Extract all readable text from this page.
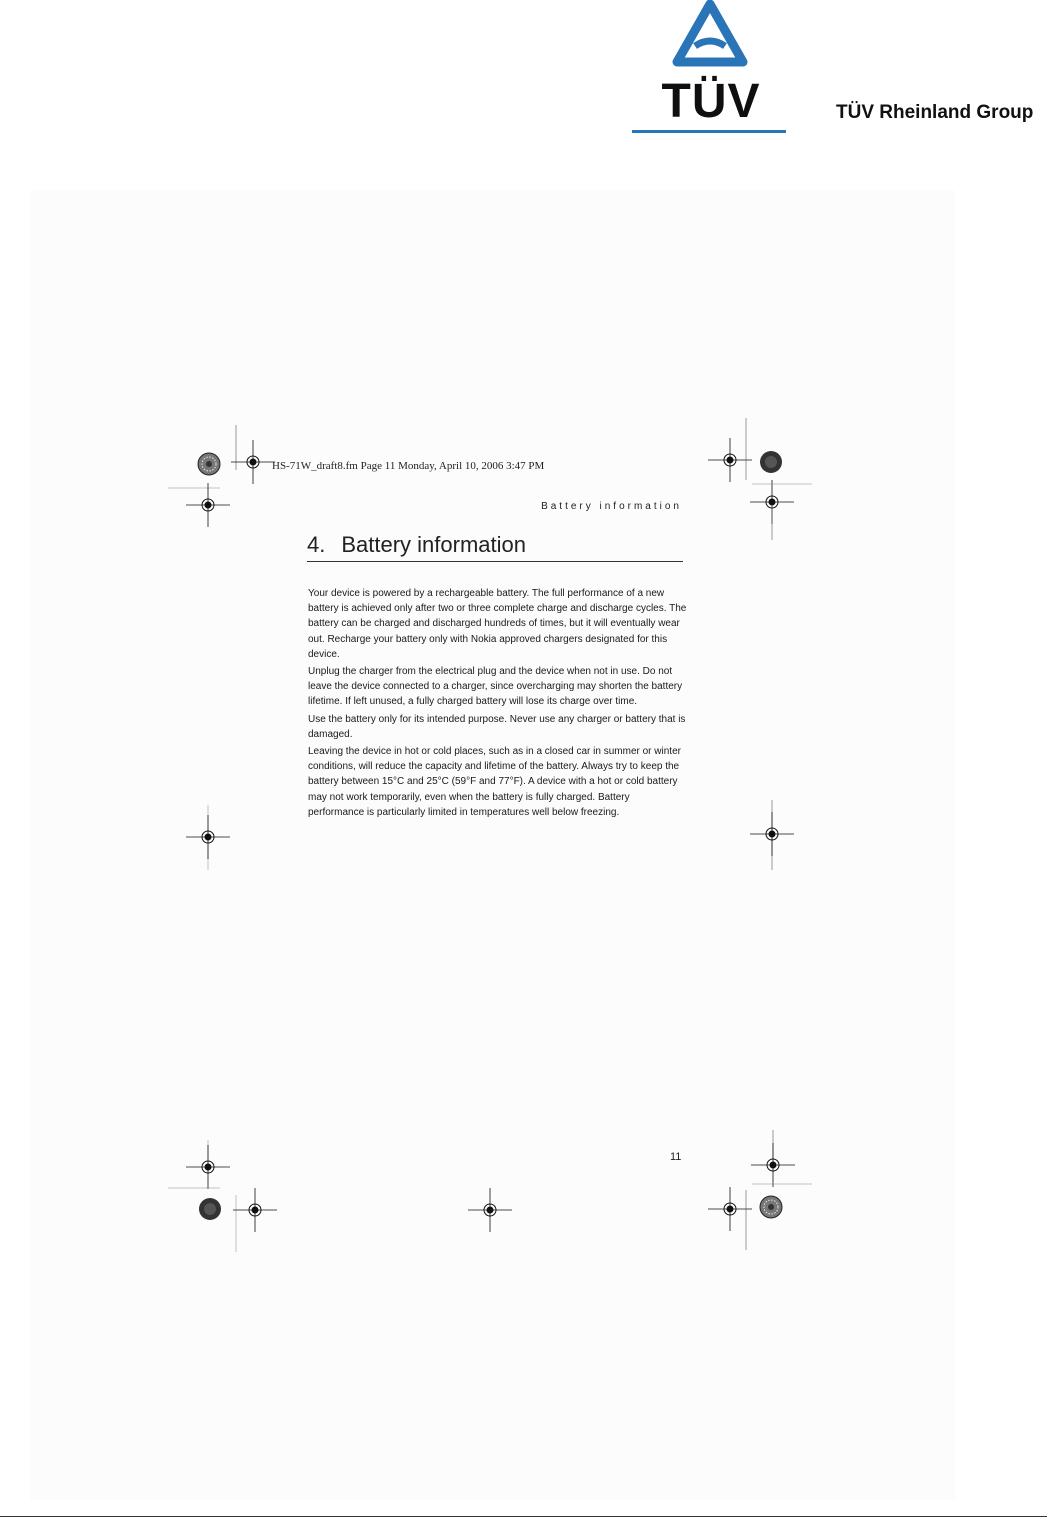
TÜV	TÜV Rheinland Group
HS-71W_draft8.fm Page 11 Monday, April 10, 2006 3:47 PM
Battery information
4. Battery information

Your device is powered by a rechargeable battery. The full performance of a new battery is achieved only after two or three complete charge and discharge cycles. The battery can be charged and discharged hundreds of times, but it will eventually wear out. Recharge your battery only with Nokia approved chargers designated for this device.

Unplug the charger from the electrical plug and the device when not in use. Do not leave the device connected to a charger, since overcharging may shorten the battery lifetime. If left unused, a fully charged battery will lose its charge over time.

Use the battery only for its intended purpose. Never use any charger or battery that is damaged.

Leaving the device in hot or cold places, such as in a closed car in summer or winter conditions, will reduce the capacity and lifetime of the battery. Always try to keep the battery between 15°C and 25°C (59°F and 77°F). A device with a hot or cold battery may not work temporarily, even when the battery is fully charged. Battery performance is particularly limited in temperatures well below freezing.

11
